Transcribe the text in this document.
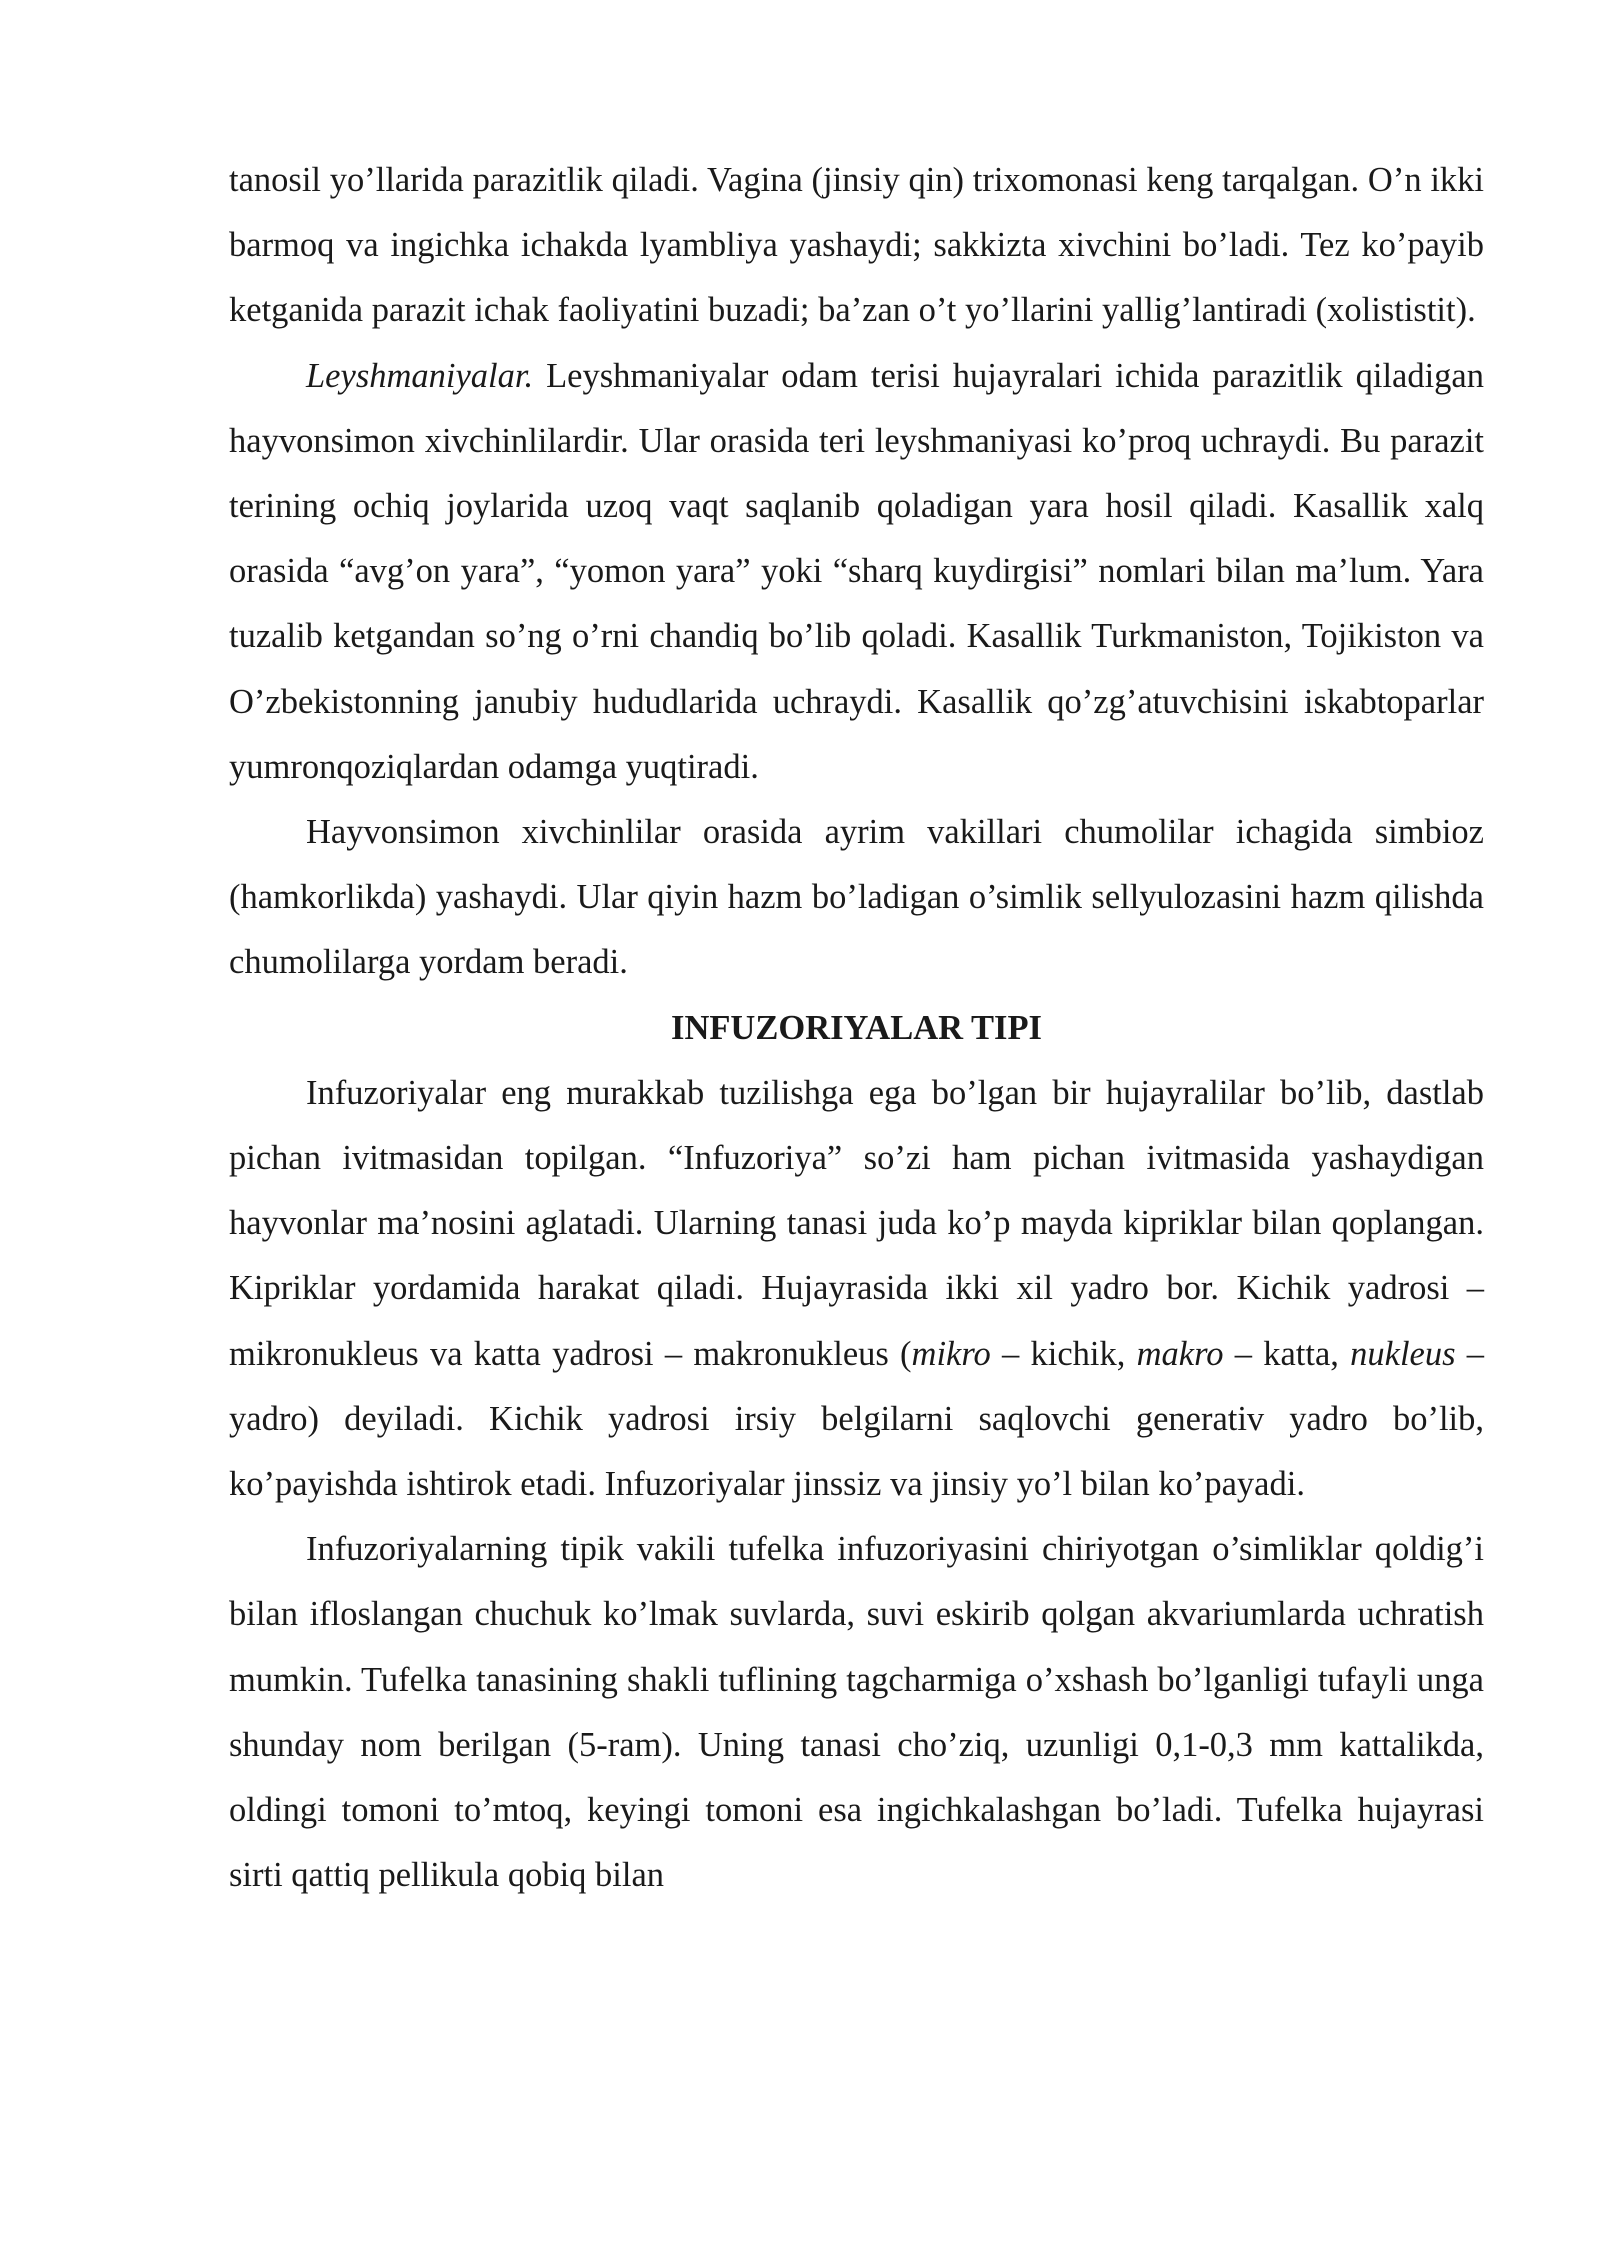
tanosil yo’llarida parazitlik qiladi. Vagina (jinsiy qin) trixomonasi keng tarqalgan. O’n ikki barmoq va ingichka ichakda lyambliya yashaydi; sakkizta xivchini bo’ladi. Tez ko’payib ketganida parazit ichak faoliyatini buzadi; ba’zan o’t yo’llarini yallig’lantiradi (xolististit).

Leyshmaniyalar. Leyshmaniyalar odam terisi hujayralari ichida parazitlik qiladigan hayvonsimon xivchinlilardir. Ular orasida teri leyshmaniyasi ko’proq uchraydi. Bu parazit terining ochiq joylarida uzoq vaqt saqlanib qoladigan yara hosil qiladi. Kasallik xalq orasida “avg’on yara”, “yomon yara” yoki “sharq kuydirgisi” nomlari bilan ma’lum. Yara tuzalib ketgandan so’ng o’rni chandiq bo’lib qoladi. Kasallik Turkmaniston, Tojikiston va O’zbekistonning janubiy hududlarida uchraydi. Kasallik qo’zg’atuvchisini iskabtoparlar yumronqoziqlardan odamga yuqtiradi.

Hayvonsimon xivchinlilar orasida ayrim vakillari chumolilar ichagida simbioz (hamkorlikda) yashaydi. Ular qiyin hazm bo’ladigan o’simlik sellyulozasini hazm qilishda chumolilarga yordam beradi.

INFUZORIYALAR TIPI

Infuzoriyalar eng murakkab tuzilishga ega bo’lgan bir hujayralilar bo’lib, dastlab pichan ivitmasidan topilgan. “Infuzoriya” so’zi ham pichan ivitmasida yashaydigan hayvonlar ma’nosini aglatadi. Ularning tanasi juda ko’p mayda kipriklar bilan qoplangan. Kipriklar yordamida harakat qiladi. Hujayrasida ikki xil yadro bor. Kichik yadrosi – mikronukleus va katta yadrosi – makronukleus (mikro – kichik, makro – katta, nukleus – yadro) deyiladi. Kichik yadrosi irsiy belgilarni saqlovchi generativ yadro bo’lib, ko’payishda ishtirok etadi. Infuzoriyalar jinssiz va jinsiy yo’l bilan ko’payadi.

Infuzoriyalarning tipik vakili tufelka infuzoriyasini chiriyotgan o’simliklar qoldig’i bilan ifloslangan chuchuk ko’lmak suvlarda, suvi eskirib qolgan akvariumlarda uchratish mumkin. Tufelka tanasining shakli tuflining tagcharmiga o’xshash bo’lganligi tufayli unga shunday nom berilgan (5-ram). Uning tanasi cho’ziq, uzunligi 0,1-0,3 mm kattalikda, oldingi tomoni to’mtoq, keyingi tomoni esa ingichkalashgan bo’ladi. Tufelka hujayrasi sirti qattiq pellikula qobiq bilan
